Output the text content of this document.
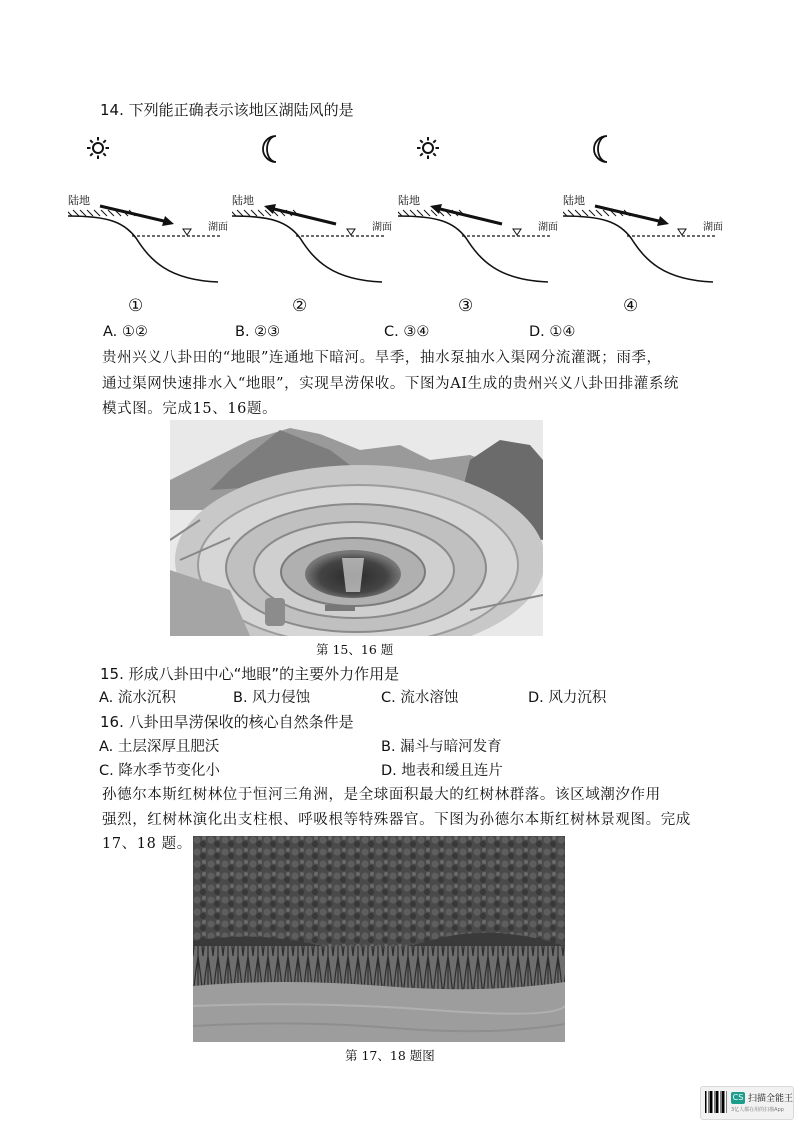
14. 下列能正确表示该地区湖陆风的是
陆地
湖面
①
陆地
湖面
②
陆地
湖面
③
陆地
湖面
④
A. ①②	B. ②③	C. ③④	D. ①④
贵州兴义八卦田的“地眼”连通地下暗河。旱季，抽水泵抽水入渠网分流灌溉；雨季，
通过渠网快速排水入“地眼”，实现旱涝保收。下图为AI生成的贵州兴义八卦田排灌系统
模式图。完成15、16题。
第 15、16 题
15. 形成八卦田中心“地眼”的主要外力作用是
A. 流水沉积	B. 风力侵蚀	C. 流水溶蚀	D. 风力沉积
16. 八卦田旱涝保收的核心自然条件是
A. 土层深厚且肥沃	B. 漏斗与暗河发育
C. 降水季节变化小	D. 地表和缓且连片
孙德尔本斯红树林位于恒河三角洲，是全球面积最大的红树林群落。该区域潮汐作用
强烈，红树林演化出支柱根、呼吸根等特殊器官。下图为孙德尔本斯红树林景观图。完成
17、18 题。
第 17、18 题图
CS 扫描全能王
3亿人都在用的扫描App
